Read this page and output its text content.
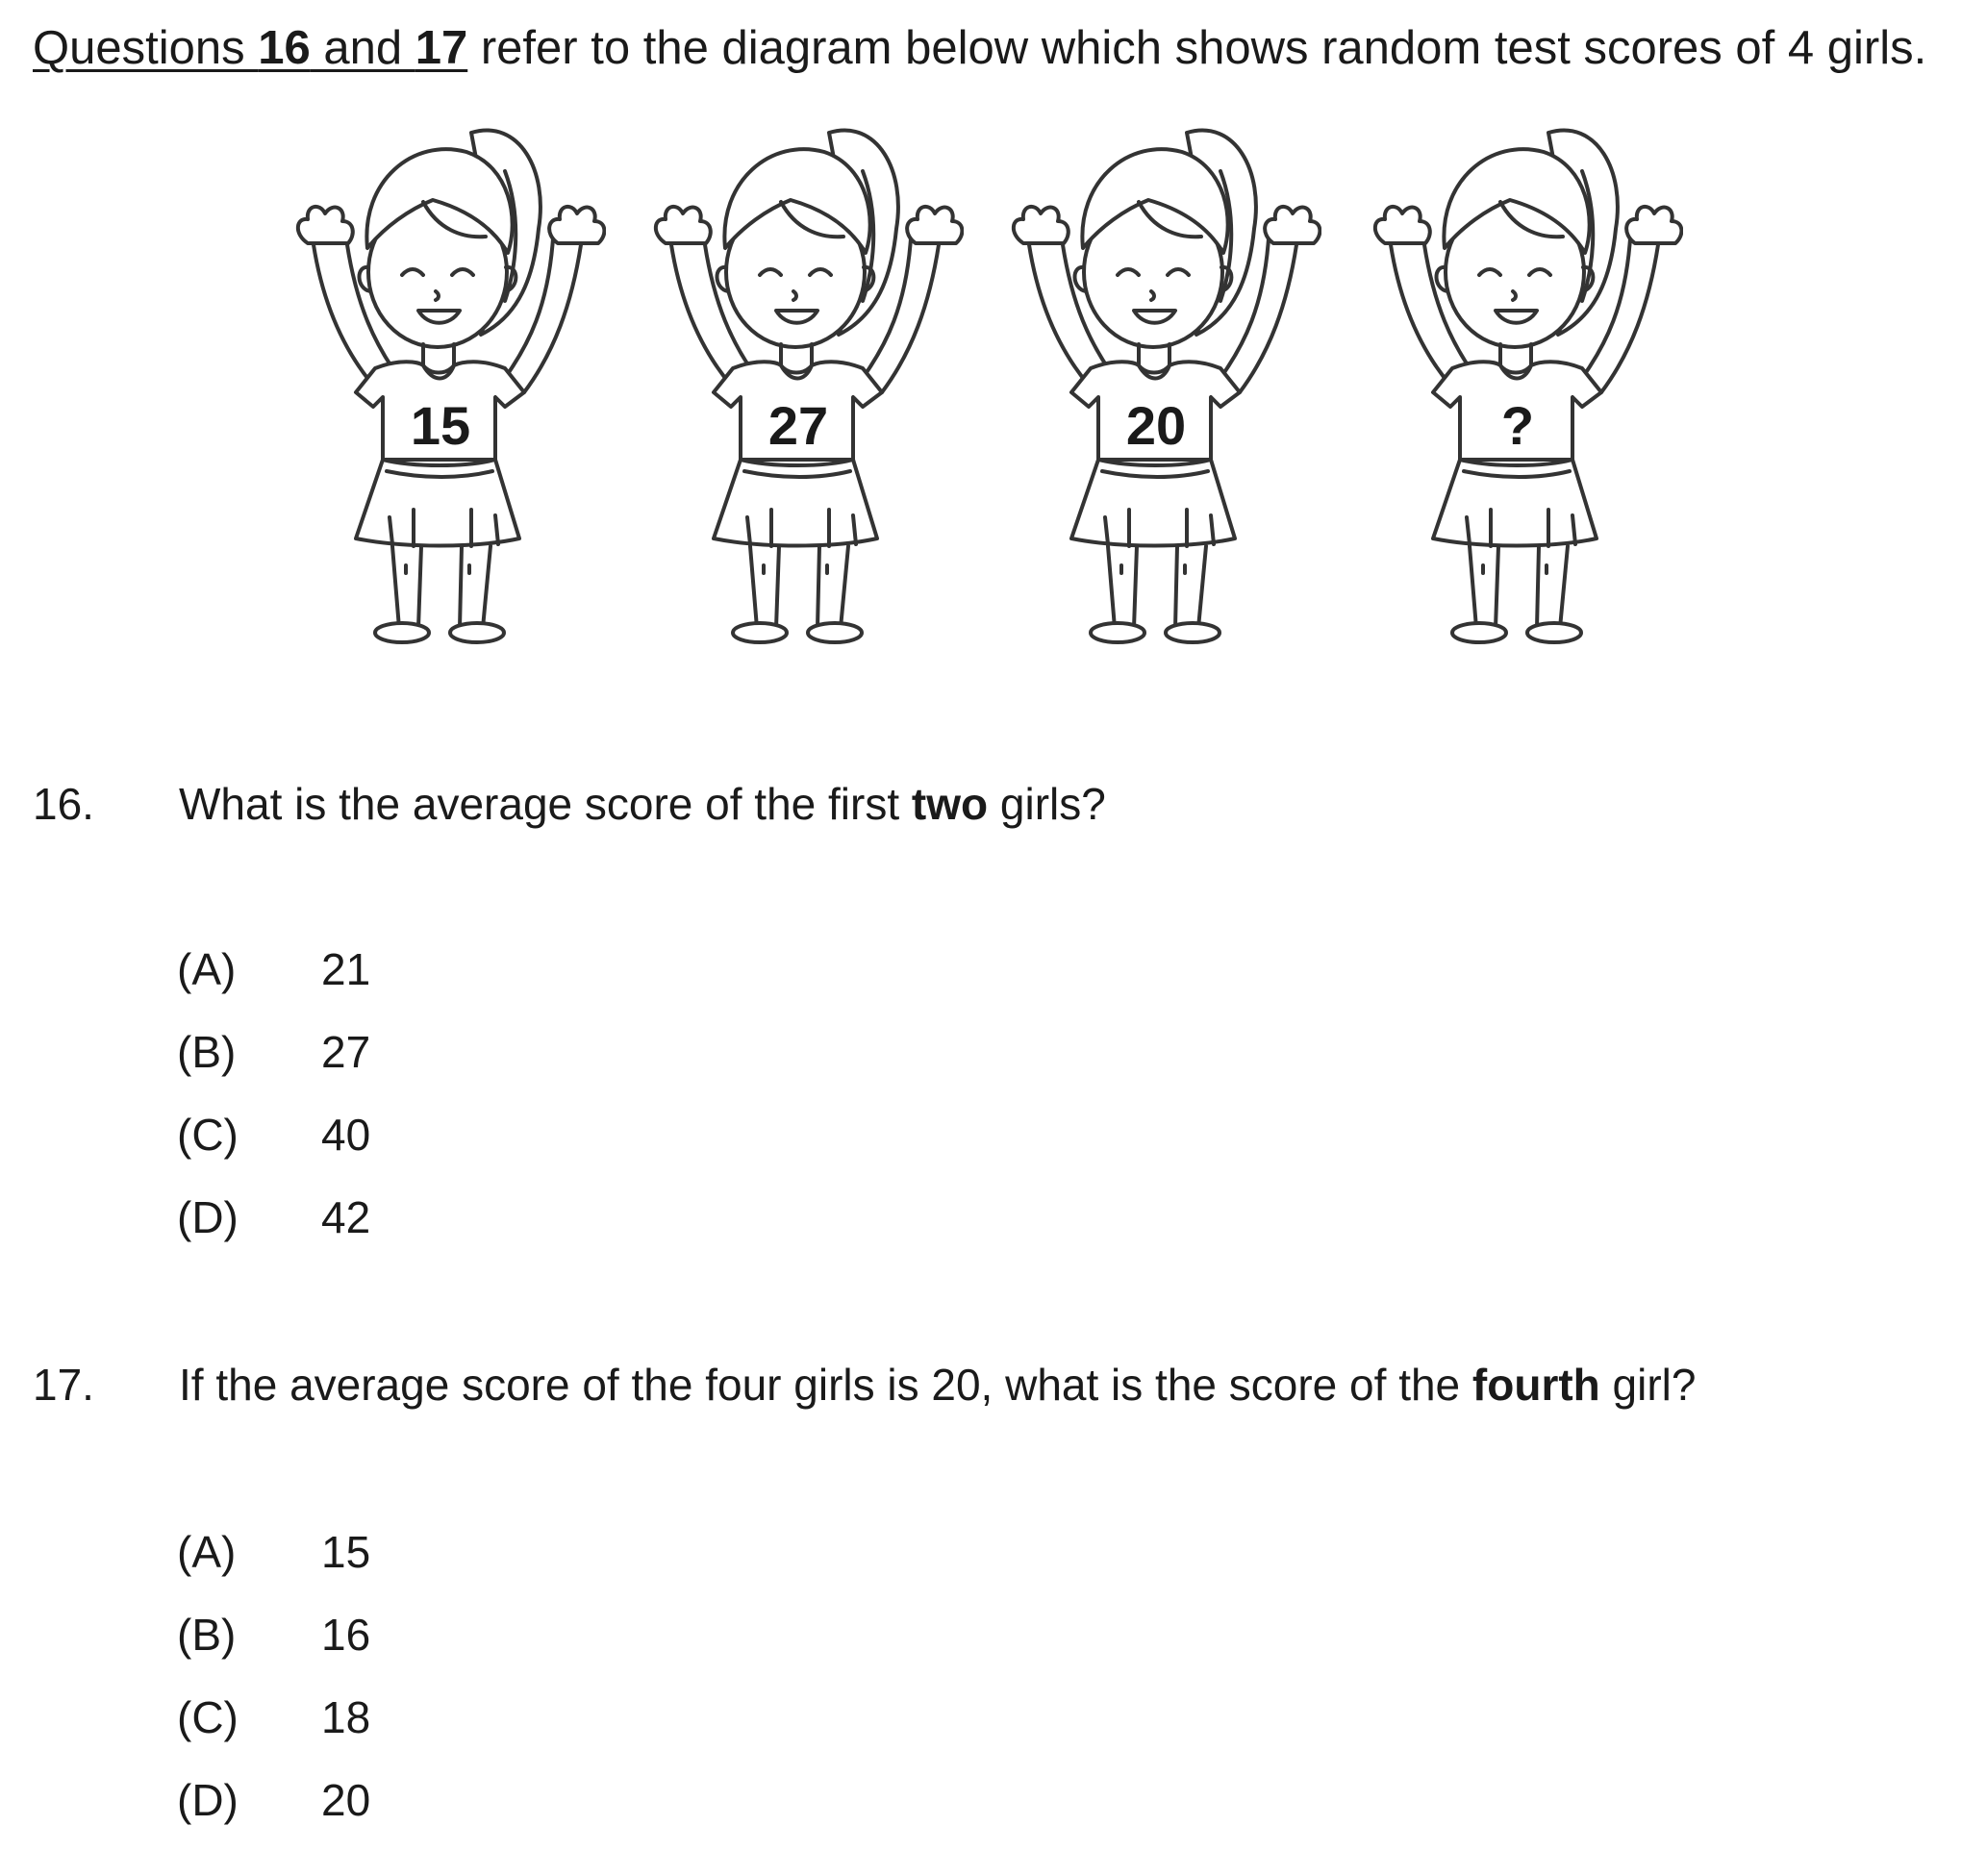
Questions 16 and 17 refer to the diagram below which shows random test scores of 4 girls.
15	27	20	?
16. What is the average score of the first two girls?
(A) 21
(B) 27
(C) 40
(D) 42
17. If the average score of the four girls is 20, what is the score of the fourth girl?
(A) 15
(B) 16
(C) 18
(D) 20
